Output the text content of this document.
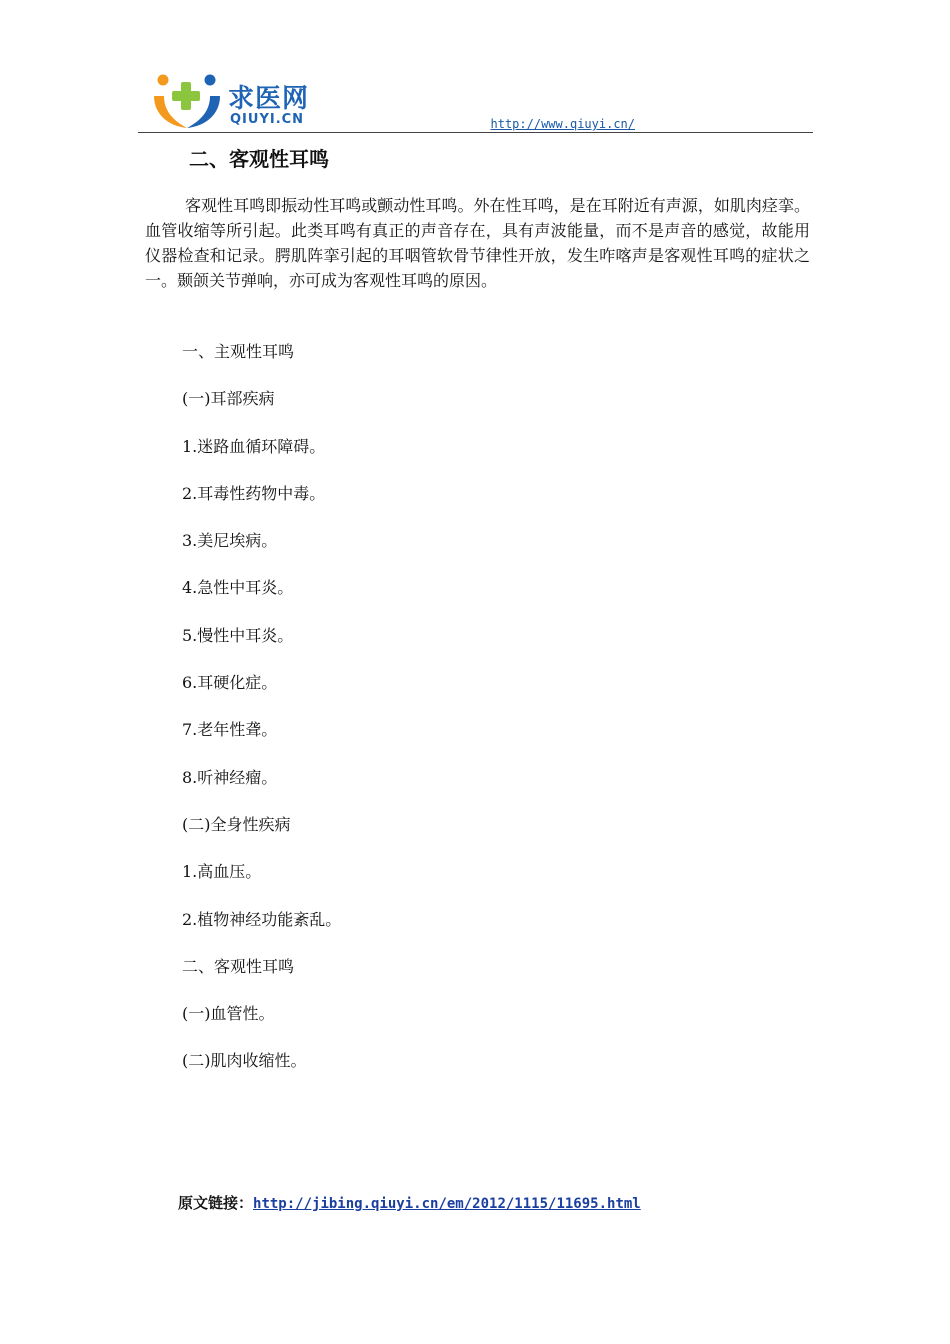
求医网
QIUYI.CN	http://www.qiuyi.cn/
二、客观性耳鸣

客观性耳鸣即振动性耳鸣或颤动性耳鸣。外在性耳鸣，是在耳附近有声源，如肌肉痉挛。血管收缩等所引起。此类耳鸣有真正的声音存在，具有声波能量，而不是声音的感觉，故能用仪器检查和记录。腭肌阵挛引起的耳咽管软骨节律性开放，发生咋喀声是客观性耳鸣的症状之一。颞颌关节弹响，亦可成为客观性耳鸣的原因。

一、主观性耳鸣
(一)耳部疾病
1.迷路血循环障碍。
2.耳毒性药物中毒。
3.美尼埃病。
4.急性中耳炎。
5.慢性中耳炎。
6.耳硬化症。
7.老年性聋。
8.听神经瘤。
(二)全身性疾病
1.高血压。
2.植物神经功能紊乱。
二、客观性耳鸣
(一)血管性。
(二)肌肉收缩性。
原文链接：http://jibing.qiuyi.cn/em/2012/1115/11695.html
